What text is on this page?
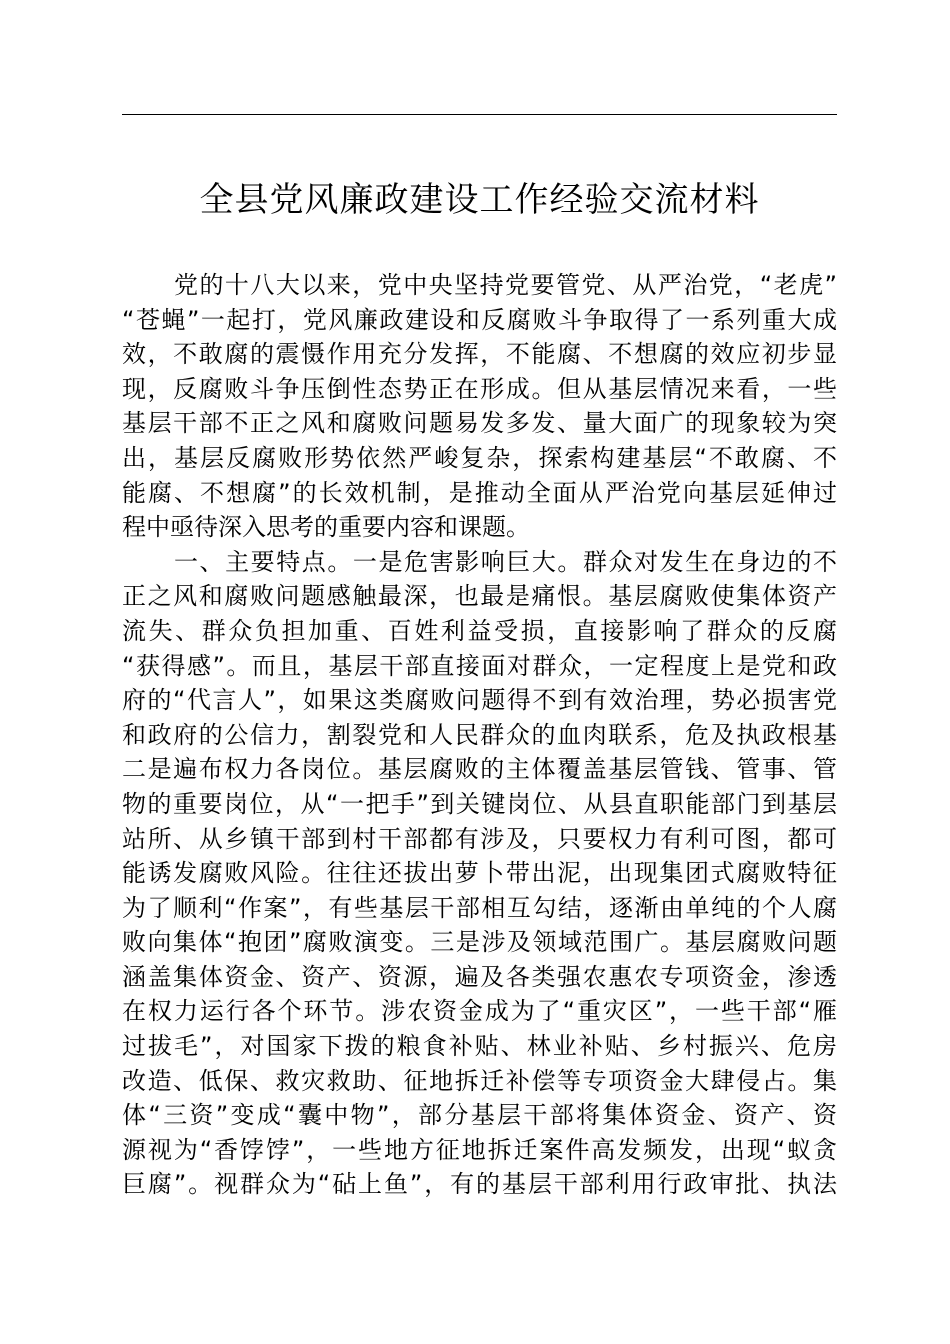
全县党风廉政建设工作经验交流材料
党的十八大以来，党中央坚持党要管党、从严治党，“老虎”
“苍蝇”一起打，党风廉政建设和反腐败斗争取得了一系列重大成
效，不敢腐的震慑作用充分发挥，不能腐、不想腐的效应初步显
现，反腐败斗争压倒性态势正在形成。但从基层情况来看，一些
基层干部不正之风和腐败问题易发多发、量大面广的现象较为突
出，基层反腐败形势依然严峻复杂，探索构建基层“不敢腐、不
能腐、不想腐”的长效机制，是推动全面从严治党向基层延伸过
程中亟待深入思考的重要内容和课题。
一、主要特点。一是危害影响巨大。群众对发生在身边的不
正之风和腐败问题感触最深，也最是痛恨。基层腐败使集体资产
流失、群众负担加重、百姓利益受损，直接影响了群众的反腐
“获得感”。而且，基层干部直接面对群众，一定程度上是党和政
府的“代言人”，如果这类腐败问题得不到有效治理，势必损害党
和政府的公信力，割裂党和人民群众的血肉联系，危及执政根基
二是遍布权力各岗位。基层腐败的主体覆盖基层管钱、管事、管
物的重要岗位，从“一把手”到关键岗位、从县直职能部门到基层
站所、从乡镇干部到村干部都有涉及，只要权力有利可图，都可
能诱发腐败风险。往往还拔出萝卜带出泥，出现集团式腐败特征
为了顺利“作案”，有些基层干部相互勾结，逐渐由单纯的个人腐
败向集体“抱团”腐败演变。三是涉及领域范围广。基层腐败问题
涵盖集体资金、资产、资源，遍及各类强农惠农专项资金，渗透
在权力运行各个环节。涉农资金成为了“重灾区”，一些干部“雁
过拔毛”，对国家下拨的粮食补贴、林业补贴、乡村振兴、危房
改造、低保、救灾救助、征地拆迁补偿等专项资金大肆侵占。集
体“三资”变成“囊中物”，部分基层干部将集体资金、资产、资
源视为“香饽饽”，一些地方征地拆迁案件高发频发，出现“蚁贪
巨腐”。视群众为“砧上鱼”，有的基层干部利用行政审批、执法
